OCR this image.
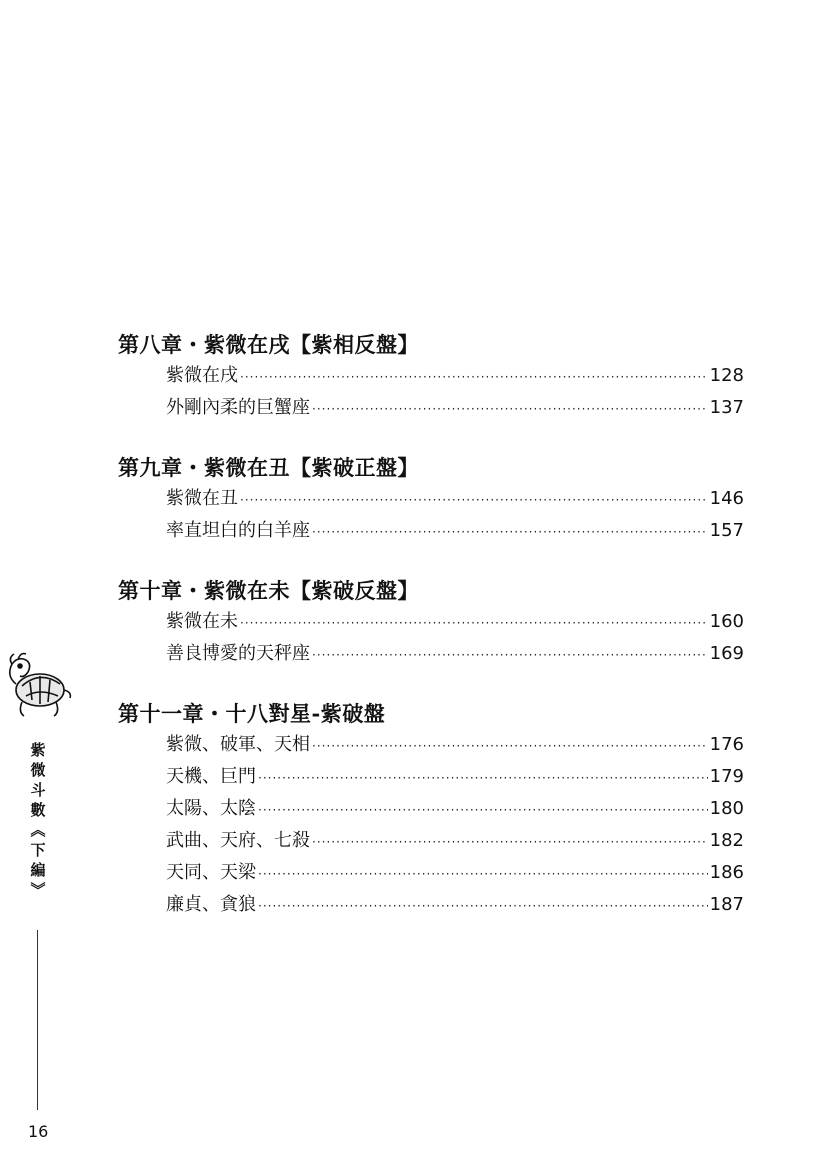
第八章・紫微在戌【紫相反盤】
紫微在戌 ·····	128
外剛內柔的巨蟹座 ·····	137
第九章・紫微在丑【紫破正盤】
紫微在丑 ·····	146
率直坦白的白羊座 ·····	157
第十章・紫微在未【紫破反盤】
紫微在未 ·····	160
善良博愛的天秤座 ·····	169
第十一章・十八對星-紫破盤
紫微、破軍、天相 ·····	176
天機、巨門 ·····	179
太陽、太陰 ·····	180
武曲、天府、七殺 ·····	182
天同、天梁 ·····	186
廉貞、貪狼 ·····	187
紫
微
斗
數
︽
下
編
︾
16
